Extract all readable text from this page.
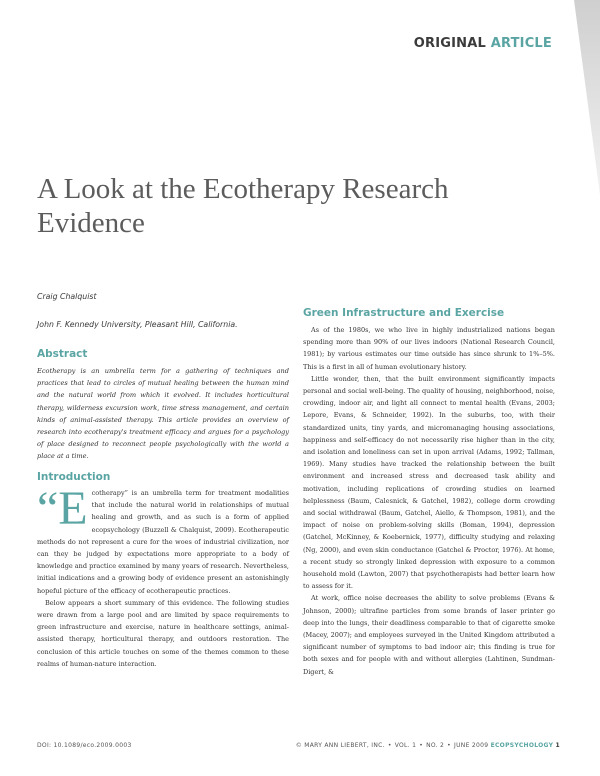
ORIGINAL ARTICLE
A Look at the Ecotherapy Research Evidence
Craig Chalquist
John F. Kennedy University, Pleasant Hill, California.
Abstract

Ecotherapy is an umbrella term for a gathering of techniques and practices that lead to circles of mutual healing between the human mind and the natural world from which it evolved. It includes horticultural therapy, wilderness excursion work, time stress management, and certain kinds of animal-assisted therapy. This article provides an overview of research into ecotherapy's treatment efficacy and argues for a psychology of place designed to reconnect people psychologically with the world a place at a time.

Introduction

“Ecotherapy” is an umbrella term for treatment modalities that include the natural world in relationships of mutual healing and growth, and as such is a form of applied ecopsychology (Buzzell & Chalquist, 2009). Ecotherapeutic methods do not represent a cure for the woes of industrial civilization, nor can they be judged by expectations more appropriate to a body of knowledge and practice examined by many years of research. Nevertheless, initial indications and a growing body of evidence present an astonishingly hopeful picture of the efficacy of ecotherapeutic practices.

Below appears a short summary of this evidence. The following studies were drawn from a large pool and are limited by space requirements to green infrastructure and exercise, nature in healthcare settings, animal-assisted therapy, horticultural therapy, and outdoors restoration. The conclusion of this article touches on some of the themes common to these realms of human-nature interaction.

Green Infrastructure and Exercise

As of the 1980s, we who live in highly industrialized nations began spending more than 90% of our lives indoors (National Research Council, 1981); by various estimates our time outside has since shrunk to 1%–5%. This is a first in all of human evolutionary history.

Little wonder, then, that the built environment significantly impacts personal and social well-being. The quality of housing, neighborhood, noise, crowding, indoor air, and light all connect to mental health (Evans, 2003; Lepore, Evans, & Schneider, 1992). In the suburbs, too, with their standardized units, tiny yards, and micromanaging housing associations, happiness and self-efficacy do not necessarily rise higher than in the city, and isolation and loneliness can set in upon arrival (Adams, 1992; Tallman, 1969). Many studies have tracked the relationship between the built environment and increased stress and decreased task ability and motivation, including replications of crowding studies on learned helplessness (Baum, Calesnick, & Gatchel, 1982), college dorm crowding and social withdrawal (Baum, Gatchel, Aiello, & Thompson, 1981), and the impact of noise on problem-solving skills (Boman, 1994), depression (Gatchel, McKinney, & Koebernick, 1977), difficulty studying and relaxing (Ng, 2000), and even skin conductance (Gatchel & Proctor, 1976). At home, a recent study so strongly linked depression with exposure to a common household mold (Lawton, 2007) that psychotherapists had better learn how to assess for it.

At work, office noise decreases the ability to solve problems (Evans & Johnson, 2000); ultrafine particles from some brands of laser printer go deep into the lungs, their deadliness comparable to that of cigarette smoke (Macey, 2007); and employees surveyed in the United Kingdom attributed a significant number of symptoms to bad indoor air; this finding is true for both sexes and for people with and without allergies (Lahtinen, Sundman-Digert, &

DOI: 10.1089/eco.2009.0003	© MARY ANN LIEBERT, INC. • VOL. 1 • NO. 2 • JUNE 2009 ECOPSYCHOLOGY 1
